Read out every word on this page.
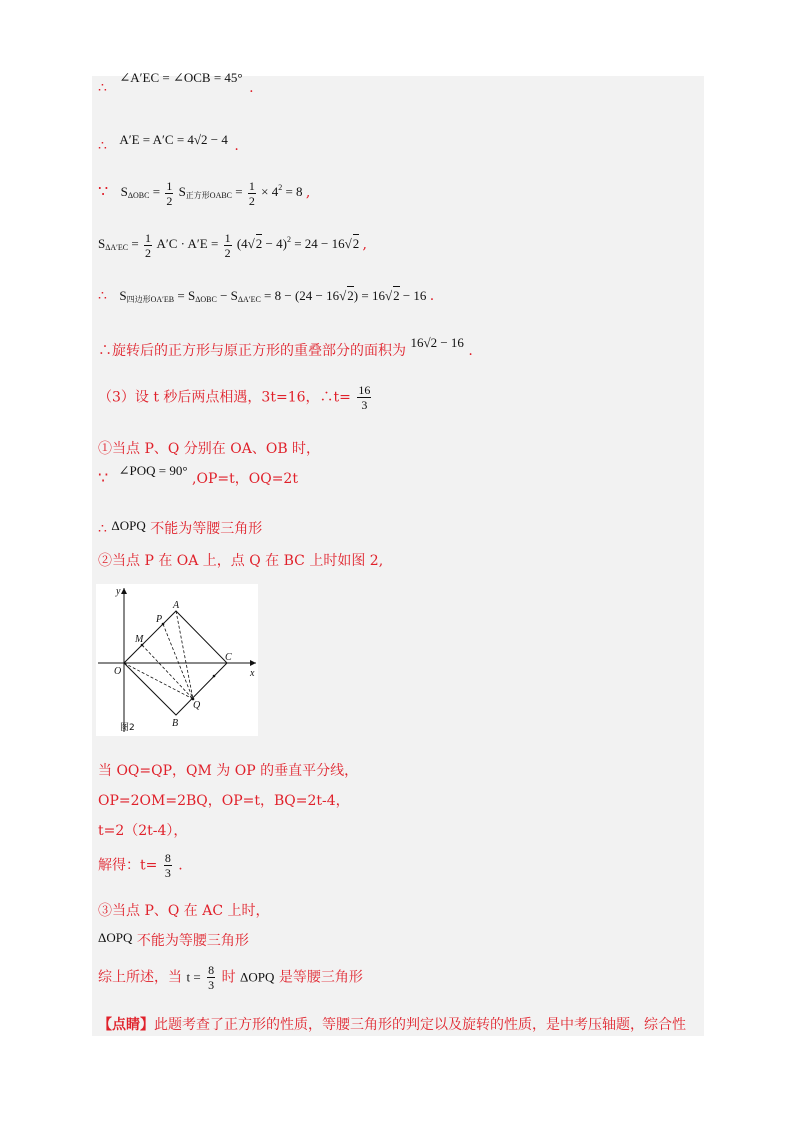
∴ ∠A′EC = ∠OCB = 45° .
∴ A′E = A′C = 4√2 − 4 .
∵ $S_{\Delta OBC} = \frac{1}{2} S_{正方形OABC} = \frac{1}{2} \times 4^2 = 8$ ,
$S_{\Delta A'EC} = \frac{1}{2} A'C \cdot A'E = \frac{1}{2} (4√2 - 4)^2 = 24 - 16√2$ ,
∴ $S_{四边形OA'EB} = S_{\Delta OBC} - S_{\Delta A'EC} = 8 - (24 - 16√2) = 16√2 - 16$ .
∴旋转后的正方形与原正方形的重叠部分的面积为 16√2 − 16 .
（3）设 t 秒后两点相遇，3t=16，∴t= $\frac{16}{3}$
①当点 P、Q 分别在 OA、OB 时，
∵ ∠POQ = 90° ,OP=t，OQ=2t
∴ ΔOPQ 不能为等腰三角形
②当点 P 在 OA 上，点 Q 在 BC 上时如图 2,
y
x
O
A
B
C
P
M
Q
图2
当 OQ=QP，QM 为 OP 的垂直平分线，
OP=2OM=2BQ，OP=t，BQ=2t-4，
t=2（2t-4），
解得：$t= \frac{8}{3}$ .
③当点 P、Q 在 AC 上时，
ΔOPQ 不能为等腰三角形
综上所述，当 $t = \frac{8}{3}$ 时 ΔOPQ 是等腰三角形
【点睛】此题考查了正方形的性质，等腰三角形的判定以及旋转的性质，是中考压轴题，综合性
